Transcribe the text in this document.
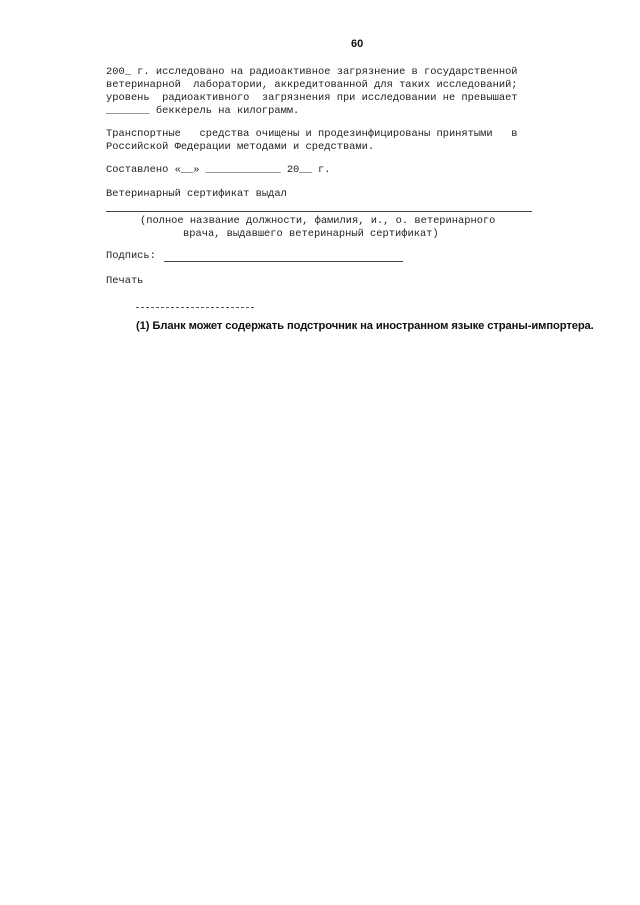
60
200_ г. исследовано на радиоактивное загрязнение в государственной
ветеринарной  лаборатории, аккредитованной для таких исследований;
уровень  радиоактивного  загрязнения при исследовании не превышает
_______ беккерель на килограмм.
Транспортные   средства очищены и продезинфицированы принятыми   в
Российской Федерации методами и средствами.
Составлено «__» ____________ 20__ г.
Ветеринарный сертификат выдал
(полное название должности, фамилия, и., о. ветеринарного
врача, выдавшего ветеринарный сертификат)
Подпись:
Печать
(1) Бланк может содержать подстрочник на иностранном языке страны-импортера.
